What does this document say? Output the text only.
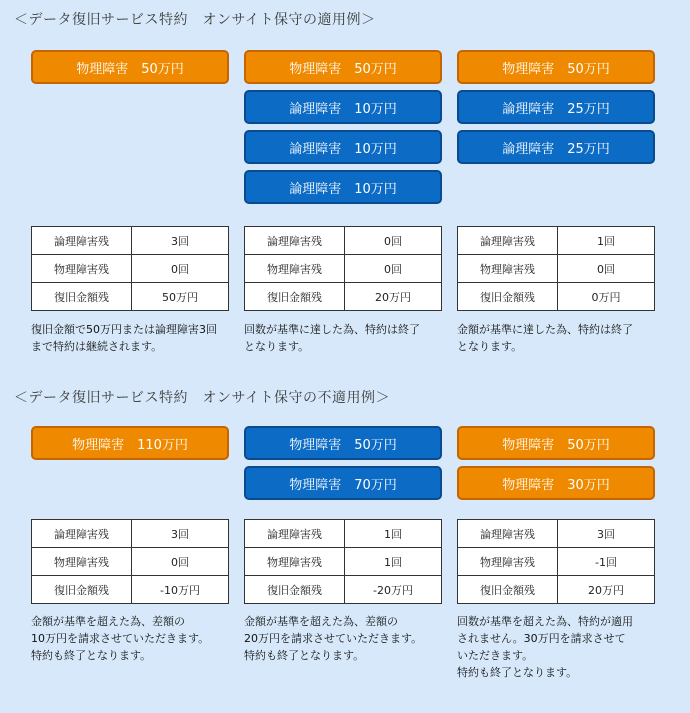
＜データ復旧サービス特約　オンサイト保守の適用例＞
物理障害　50万円
論理障害残	3回
物理障害残	0回
復旧金額残	50万円
復旧金額で50万円または論理障害3回
まで特約は継続されます。
物理障害　50万円
論理障害　10万円
論理障害　10万円
論理障害　10万円
論理障害残	0回
物理障害残	0回
復旧金額残	20万円
回数が基準に達した為、特約は終了
となります。
物理障害　50万円
論理障害　25万円
論理障害　25万円
論理障害残	1回
物理障害残	0回
復旧金額残	0万円
金額が基準に達した為、特約は終了
となります。
＜データ復旧サービス特約　オンサイト保守の不適用例＞
物理障害　110万円
論理障害残	3回
物理障害残	0回
復旧金額残	-10万円
金額が基準を超えた為、差額の
10万円を請求させていただきます。
特約も終了となります。
物理障害　50万円
物理障害　70万円
論理障害残	1回
物理障害残	1回
復旧金額残	-20万円
金額が基準を超えた為、差額の
20万円を請求させていただきます。
特約も終了となります。
物理障害　50万円
物理障害　30万円
論理障害残	3回
物理障害残	-1回
復旧金額残	20万円
回数が基準を超えた為、特約が適用
されません。30万円を請求させて
いただきます。
特約も終了となります。
